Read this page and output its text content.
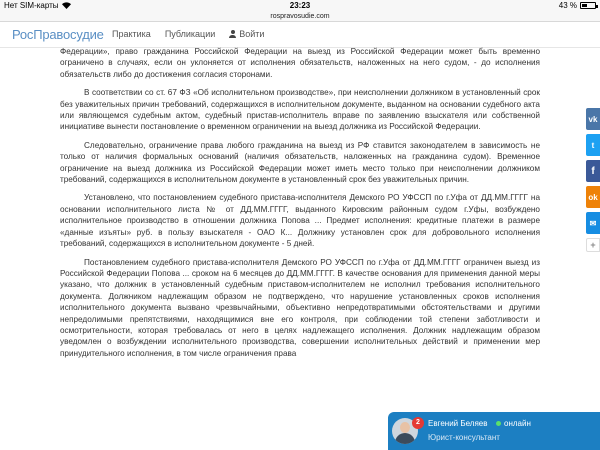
Нет SIM-карты	23:23	43 %
rospravosudie.com
РосПравосудие Практика Публикации	Войти

Федерации», право гражданина Российской Федерации на выезд из Российской Федерации может быть временно ограничено в случаях, если он уклоняется от исполнения обязательств, наложенных на него судом, - до исполнения обязательств либо до достижения согласия сторонами.

В соответствии со ст. 67 ФЗ «Об исполнительном производстве», при неисполнении должником в установленный срок без уважительных причин требований, содержащихся в исполнительном документе, выданном на основании судебного акта или являющемся судебным актом, судебный пристав-исполнитель вправе по заявлению взыскателя или собственной инициативе вынести постановление о временном ограничении на выезд должника из Российской Федерации.

Следовательно, ограничение права любого гражданина на выезд из РФ ставится законодателем в зависимость не только от наличия формальных оснований (наличия обязательств, наложенных на гражданина судом). Временное ограничение на выезд должника из Российской Федерации может иметь место только при неисполнении должником требований, содержащихся в исполнительном документе в установленный срок без уважительных причин.

Установлено, что постановлением судебного пристава-исполнителя Демского РО УФССП по г.Уфа от ДД.ММ.ГГГГ на основании исполнительного листа № от ДД.ММ.ГГГГ, выданного Кировским районным судом г.Уфы, возбуждено исполнительное производство в отношении должника Попова ... Предмет исполнения: кредитные платежи в размере «данные изъяты» руб. в пользу взыскателя - ОАО К... Должнику установлен срок для добровольного исполнения требований, содержащихся в исполнительном документе - 5 дней.

Постановлением судебного пристава-исполнителя Демского РО УФССП по г.Уфа от ДД.ММ.ГГГГ ограничен выезд из Российской Федерации Попова ... сроком на 6 месяцев до ДД.ММ.ГГГГ. В качестве основания для применения данной меры указано, что должник в установленный судебным приставом-исполнителем не исполнил требования исполнительного документа. Должником надлежащим образом не подтверждено, что нарушение установленных сроков исполнения исполнительного документа вызвано чрезвычайными, объективно непредотвратимыми обстоятельствами и другими непредолимыми препятствиями, находящимися вне его контроля, при соблюдении той степени заботливости и осмотрительности, которая требовалась от него в целях надлежащего исполнения. Должник надлежащим образом уведомлен о возбуждении исполнительного производства, совершении исполнительных действий и применении мер принудительного исполнения, в том числе ограничения права

vk
t
f
ok
✉
+
2	Евгений Беляев онлайн
Юрист-консультант
